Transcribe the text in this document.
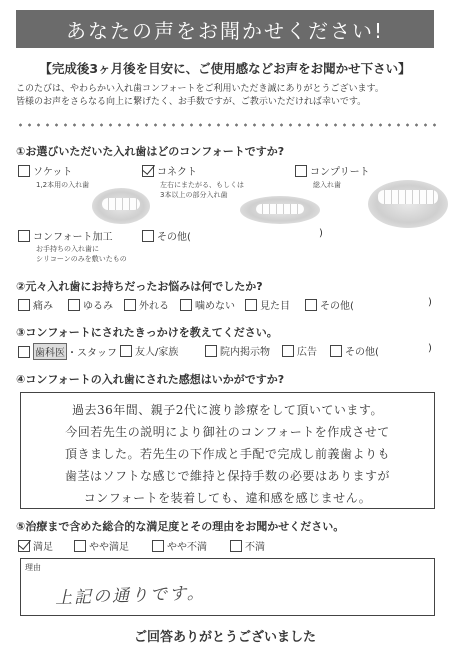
あなたの声をお聞かせください!
【完成後3ヶ月後を目安に、ご使用感などお声をお聞かせ下さい】
このたびは、やわらかい入れ歯コンフォートをご利用いただき誠にありがとうございます。
皆様のお声をさらなる向上に繋げたく、お手数ですが、ご教示いただければ幸いです。
①お選びいただいた入れ歯はどのコンフォートですか?
ソケット
1,2本用の入れ歯
コネクト
左右にまたがる、もしくは
3本以上の部分入れ歯
コンプリート
総入れ歯
コンフォート加工
お手持ちの入れ歯に
シリコーンのみを敷いたもの
その他(	)
②元々入れ歯にお持ちだったお悩みは何でしたか?
痛み	ゆるみ	外れる	噛めない	見た目	その他(	)
③コンフォートにされたきっかけを教えてください。
歯科医 ・スタッフ 友人/家族	院内掲示物	広告	その他(	)
④コンフォートの入れ歯にされた感想はいかがですか?

過去36年間、親子2代に渡り診療をして頂いています。

今回若先生の説明により御社のコンフォートを作成させて

頂きました。若先生の下作成と手配で完成し前義歯よりも

歯茎はソフトな感じで維持と保持手数の必要はありますが

コンフォートを装着しても、違和感を感じません。

⑤治療まで含めた総合的な満足度とその理由をお聞かせください。
満足	やや満足	やや不満	不満
理由
上記の通りです。
ご回答ありがとうございました
